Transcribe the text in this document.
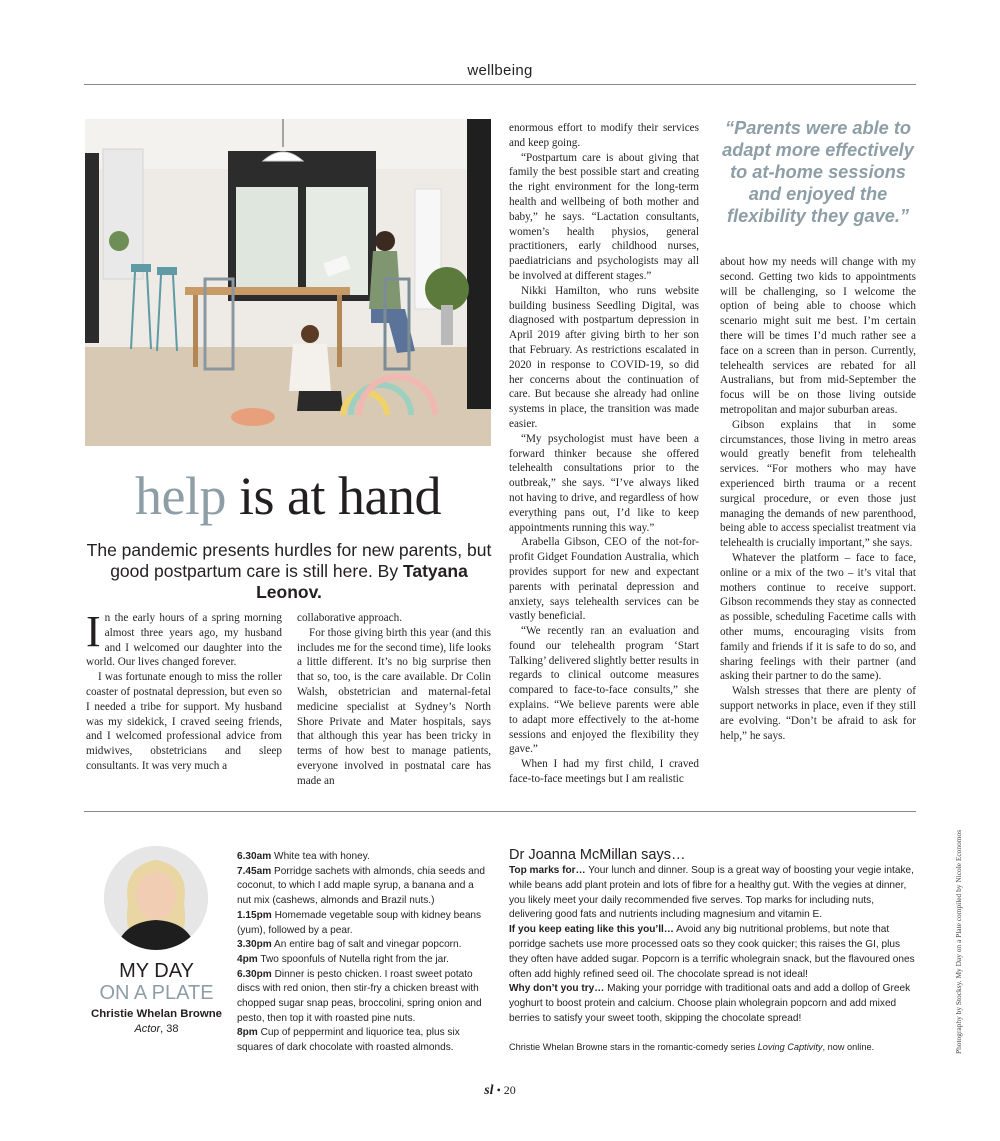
wellbeing
help is at hand
The pandemic presents hurdles for new parents, but good postpartum care is still here. By Tatyana Leonov.

In the early hours of a spring morning almost three years ago, my husband and I welcomed our daughter into the world. Our lives changed forever.

I was fortunate enough to miss the roller coaster of postnatal depression, but even so I needed a tribe for support. My husband was my sidekick, I craved seeing friends, and I welcomed professional advice from midwives, obstetricians and sleep consultants. It was very much a

collaborative approach.

For those giving birth this year (and this includes me for the second time), life looks a little different. It’s no big surprise then that so, too, is the care available. Dr Colin Walsh, obstetrician and maternal-fetal medicine specialist at Sydney’s North Shore Private and Mater hospitals, says that although this year has been tricky in terms of how best to manage patients, everyone involved in postnatal care has made an

enormous effort to modify their services and keep going.

“Postpartum care is about giving that family the best possible start and creating the right environment for the long-term health and wellbeing of both mother and baby,” he says. “Lactation consultants, women’s health physios, general practitioners, early childhood nurses, paediatricians and psychologists may all be involved at different stages.”

Nikki Hamilton, who runs website building business Seedling Digital, was diagnosed with postpartum depression in April 2019 after giving birth to her son that February. As restrictions escalated in 2020 in response to COVID-19, so did her concerns about the continuation of care. But because she already had online systems in place, the transition was made easier.

“My psychologist must have been a forward thinker because she offered telehealth consultations prior to the outbreak,” she says. “I’ve always liked not having to drive, and regardless of how everything pans out, I’d like to keep appointments running this way.”

Arabella Gibson, CEO of the not-for-profit Gidget Foundation Australia, which provides support for new and expectant parents with perinatal depression and anxiety, says telehealth services can be vastly beneficial.

“We recently ran an evaluation and found our telehealth program ‘Start Talking’ delivered slightly better results in regards to clinical outcome measures compared to face-to-face consults,” she explains. “We believe parents were able to adapt more effectively to the at-home sessions and enjoyed the flexibility they gave.”

When I had my first child, I craved face-to-face meetings but I am realistic

“Parents were able to adapt more effectively to at-home sessions and enjoyed the flexibility they gave.”

about how my needs will change with my second. Getting two kids to appointments will be challenging, so I welcome the option of being able to choose which scenario might suit me best. I’m certain there will be times I’d much rather see a face on a screen than in person. Currently, telehealth services are rebated for all Australians, but from mid-September the focus will be on those living outside metropolitan and major suburban areas.

Gibson explains that in some circumstances, those living in metro areas would greatly benefit from telehealth services. “For mothers who may have experienced birth trauma or a recent surgical procedure, or even those just managing the demands of new parenthood, being able to access specialist treatment via telehealth is crucially important,” she says.

Whatever the platform – face to face, online or a mix of the two – it’s vital that mothers continue to receive support. Gibson recommends they stay as connected as possible, scheduling Facetime calls with other mums, encouraging visits from family and friends if it is safe to do so, and sharing feelings with their partner (and asking their partner to do the same).

Walsh stresses that there are plenty of support networks in place, even if they still are evolving. “Don’t be afraid to ask for help,” he says.

MY DAY
ON A PLATE
Christie Whelan Browne
Actor, 38

6.30am White tea with honey.

7.45am Porridge sachets with almonds, chia seeds and coconut, to which I add maple syrup, a banana and a nut mix (cashews, almonds and Brazil nuts.)

1.15pm Homemade vegetable soup with kidney beans (yum), followed by a pear.

3.30pm An entire bag of salt and vinegar popcorn.

4pm Two spoonfuls of Nutella right from the jar.

6.30pm Dinner is pesto chicken. I roast sweet potato discs with red onion, then stir-fry a chicken breast with chopped sugar snap peas, broccolini, spring onion and pesto, then top it with roasted pine nuts.

8pm Cup of peppermint and liquorice tea, plus six squares of dark chocolate with roasted almonds.

Dr Joanna McMillan says…

Top marks for… Your lunch and dinner. Soup is a great way of boosting your vegie intake, while beans add plant protein and lots of fibre for a healthy gut. With the vegies at dinner, you likely meet your daily recommended five serves. Top marks for including nuts, delivering good fats and nutrients including magnesium and vitamin E.

If you keep eating like this you’ll… Avoid any big nutritional problems, but note that porridge sachets use more processed oats so they cook quicker; this raises the GI, plus they often have added sugar. Popcorn is a terrific wholegrain snack, but the flavoured ones often add highly refined seed oil. The chocolate spread is not ideal!

Why don’t you try… Making your porridge with traditional oats and add a dollop of Greek yoghurt to boost protein and calcium. Choose plain wholegrain popcorn and add mixed berries to satisfy your sweet tooth, skipping the chocolate spread!

Christie Whelan Browne stars in the romantic-comedy series Loving Captivity, now online.	Photography by Stocksy. My Day on a Plate compiled by Nicole Economos
sl • 20
